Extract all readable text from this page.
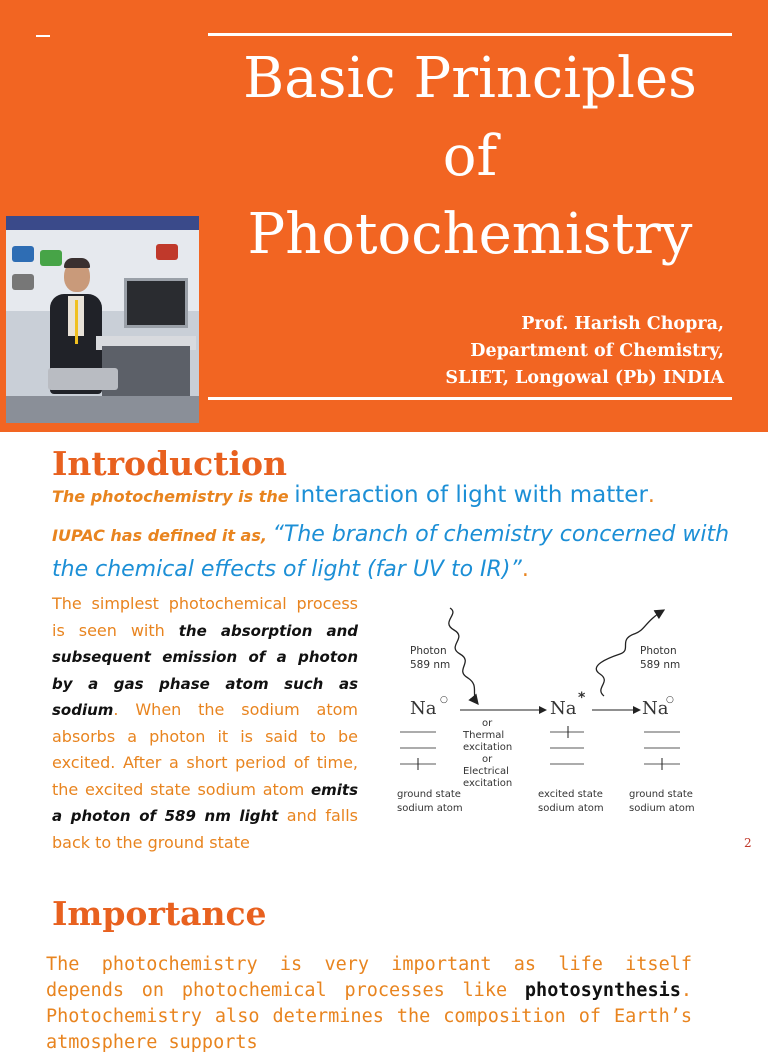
Basic Principles
of
Photochemistry
Prof. Harish Chopra,
Department of Chemistry,
SLIET, Longowal (Pb) INDIA
Introduction
The photochemistry is the interaction of light with matter.
IUPAC has defined it as, “The branch of chemistry concerned with the chemical effects of light (far UV to IR)”.
The simplest photochemical process is seen with the absorption and subsequent emission of a photon by a gas phase atom such as sodium. When the sodium atom absorbs a photon it is said to be excited. After a short period of time, the excited state sodium atom emits a photon of 589 nm light and falls back to the ground state
Photon
589 nm
Photon
589 nm
Na ○
or
Thermal
excitation
or
Electrical
excitation
Na *	Na
○
ground state
sodium atom
excited state
sodium atom
ground state
sodium atom
2
Importance
The photochemistry is very important as life itself depends on photochemical processes like photosynthesis. Photochemistry also determines the composition of Earth’s atmosphere supports
